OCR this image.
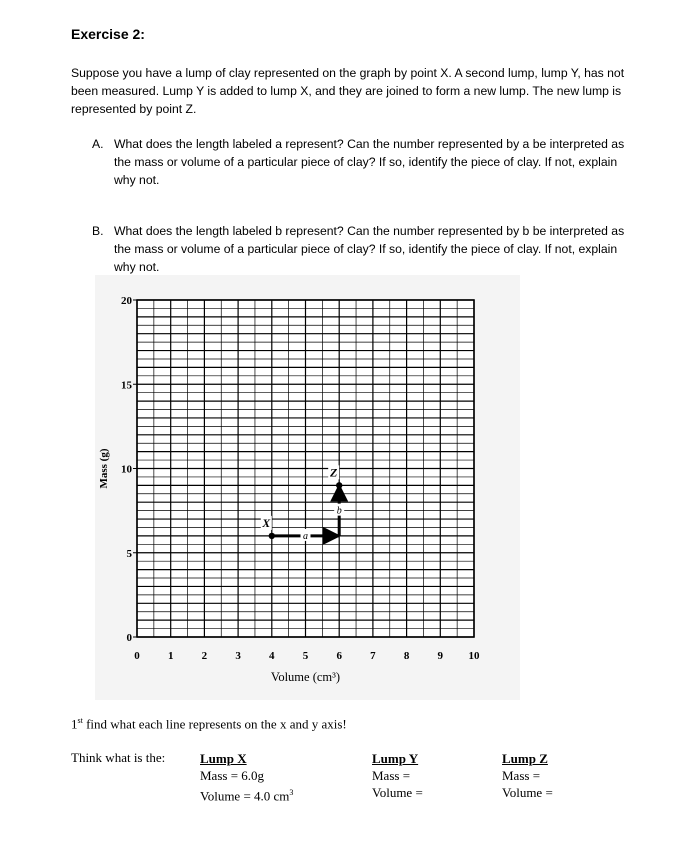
Exercise 2:
Suppose you have a lump of clay represented on the graph by point X. A second lump, lump Y, has not been measured. Lump Y is added to lump X, and they are joined to form a new lump. The new lump is represented by point Z.
A. What does the length labeled a represent? Can the number represented by a be interpreted as the mass or volume of a particular piece of clay? If so, identify the piece of clay. If not, explain why not.
B. What does the length labeled b represent? Can the number represented by b be interpreted as the mass or volume of a particular piece of clay? If so, identify the piece of clay. If not, explain why not.
0	1	2	3	4	5	6	7	8	9 10
0
5
10
15
20
a
b
X
Z
Volume (cm³)
Mass (g)
1st find what each line represents on the x and y axis!
Think what is the:	Lump X
Mass = 6.0g
Volume = 4.0 $cm^3$
Lump Y
Mass =
Volume =
Lump Z
Mass =
Volume =
